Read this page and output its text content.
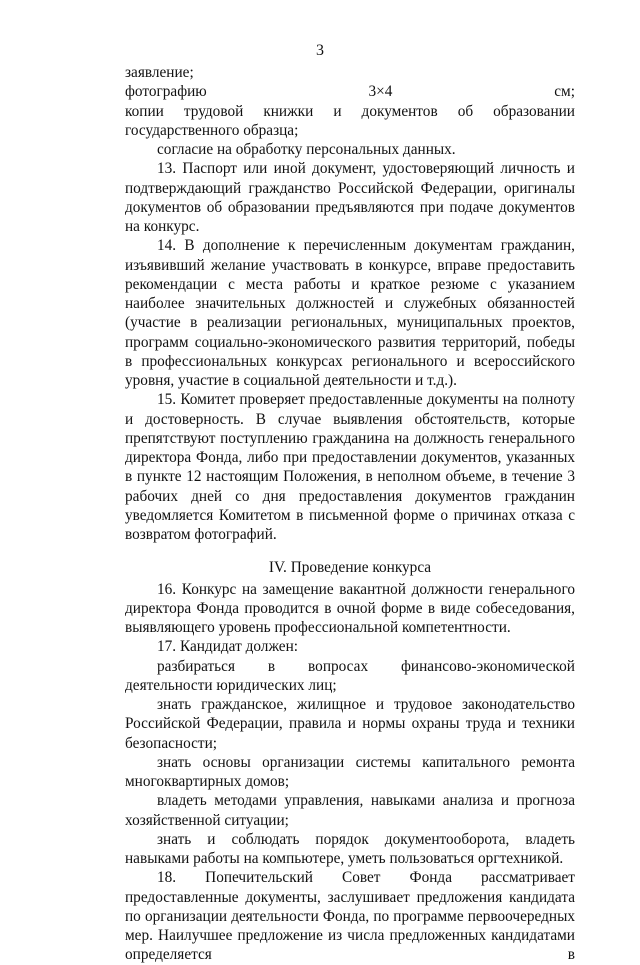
3

заявление;

фотографию 3×4 см;

копии трудовой книжки и документов об образовании государственного образца;

согласие на обработку персональных данных.

13. Паспорт или иной документ, удостоверяющий личность и подтверждающий гражданство Российской Федерации, оригиналы документов об образовании предъявляются при подаче документов на конкурс.

14. В дополнение к перечисленным документам гражданин, изъявивший желание участвовать в конкурсе, вправе предоставить рекомендации с места работы и краткое резюме с указанием наиболее значительных должностей и служебных обязанностей (участие в реализации региональных, муниципальных проектов, программ социально-экономического развития территорий, победы в профессиональных конкурсах регионального и всероссийского уровня, участие в социальной деятельности и т.д.).

15. Комитет проверяет предоставленные документы на полноту и достоверность. В случае выявления обстоятельств, которые препятствуют поступлению гражданина на должность генерального директора Фонда, либо при предоставлении документов, указанных в пункте 12 настоящим Положения, в неполном объеме, в течение 3 рабочих дней со дня предоставления документов гражданин уведомляется Комитетом в письменной форме о причинах отказа с возвратом фотографий.

IV. Проведение конкурса

16. Конкурс на замещение вакантной должности генерального директора Фонда проводится в очной форме в виде собеседования, выявляющего уровень профессиональной компетентности.

17. Кандидат должен:

разбираться в вопросах финансово-экономической деятельности юридических лиц;

знать гражданское, жилищное и трудовое законодательство Российской Федерации, правила и нормы охраны труда и техники безопасности;

знать основы организации системы капитального ремонта многоквартирных домов;

владеть методами управления, навыками анализа и прогноза хозяйственной ситуации;

знать и соблюдать порядок документооборота, владеть навыками работы на компьютере, уметь пользоваться оргтехникой.

18. Попечительский Совет Фонда рассматривает предоставленные документы, заслушивает предложения кандидата по организации деятельности Фонда, по программе первоочередных мер. Наилучшее предложение из числа предложенных кандидатами определяется в
